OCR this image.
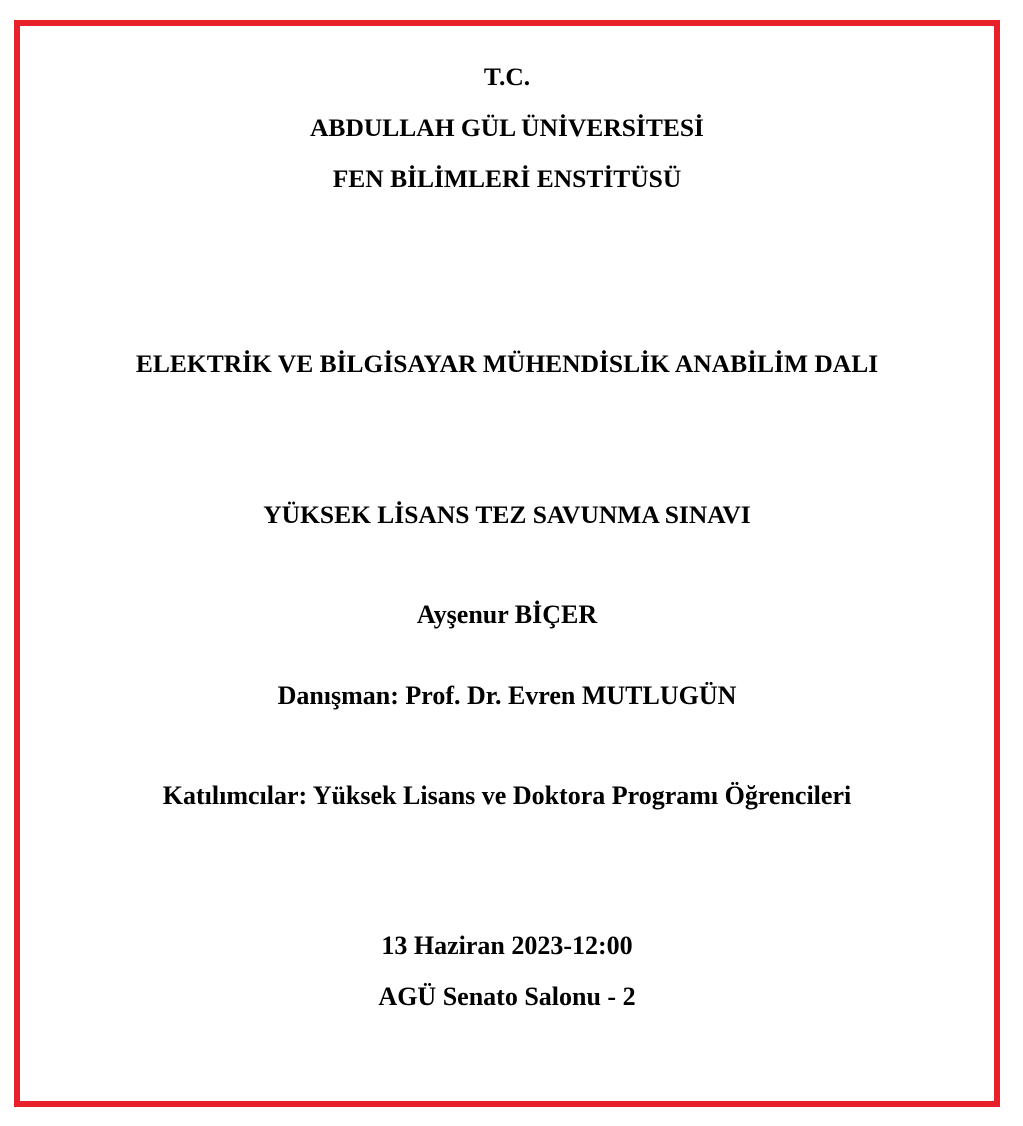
T.C.
ABDULLAH GÜL ÜNİVERSİTESİ
FEN BİLİMLERİ ENSTİTÜSÜ
ELEKTRİK VE BİLGİSAYAR MÜHENDİSLİK ANABİLİM DALI
YÜKSEK LİSANS TEZ SAVUNMA SINAVI
Ayşenur BİÇER
Danışman: Prof. Dr. Evren MUTLUGÜN
Katılımcılar: Yüksek Lisans ve Doktora Programı Öğrencileri
13 Haziran 2023-12:00
AGÜ Senato Salonu - 2
